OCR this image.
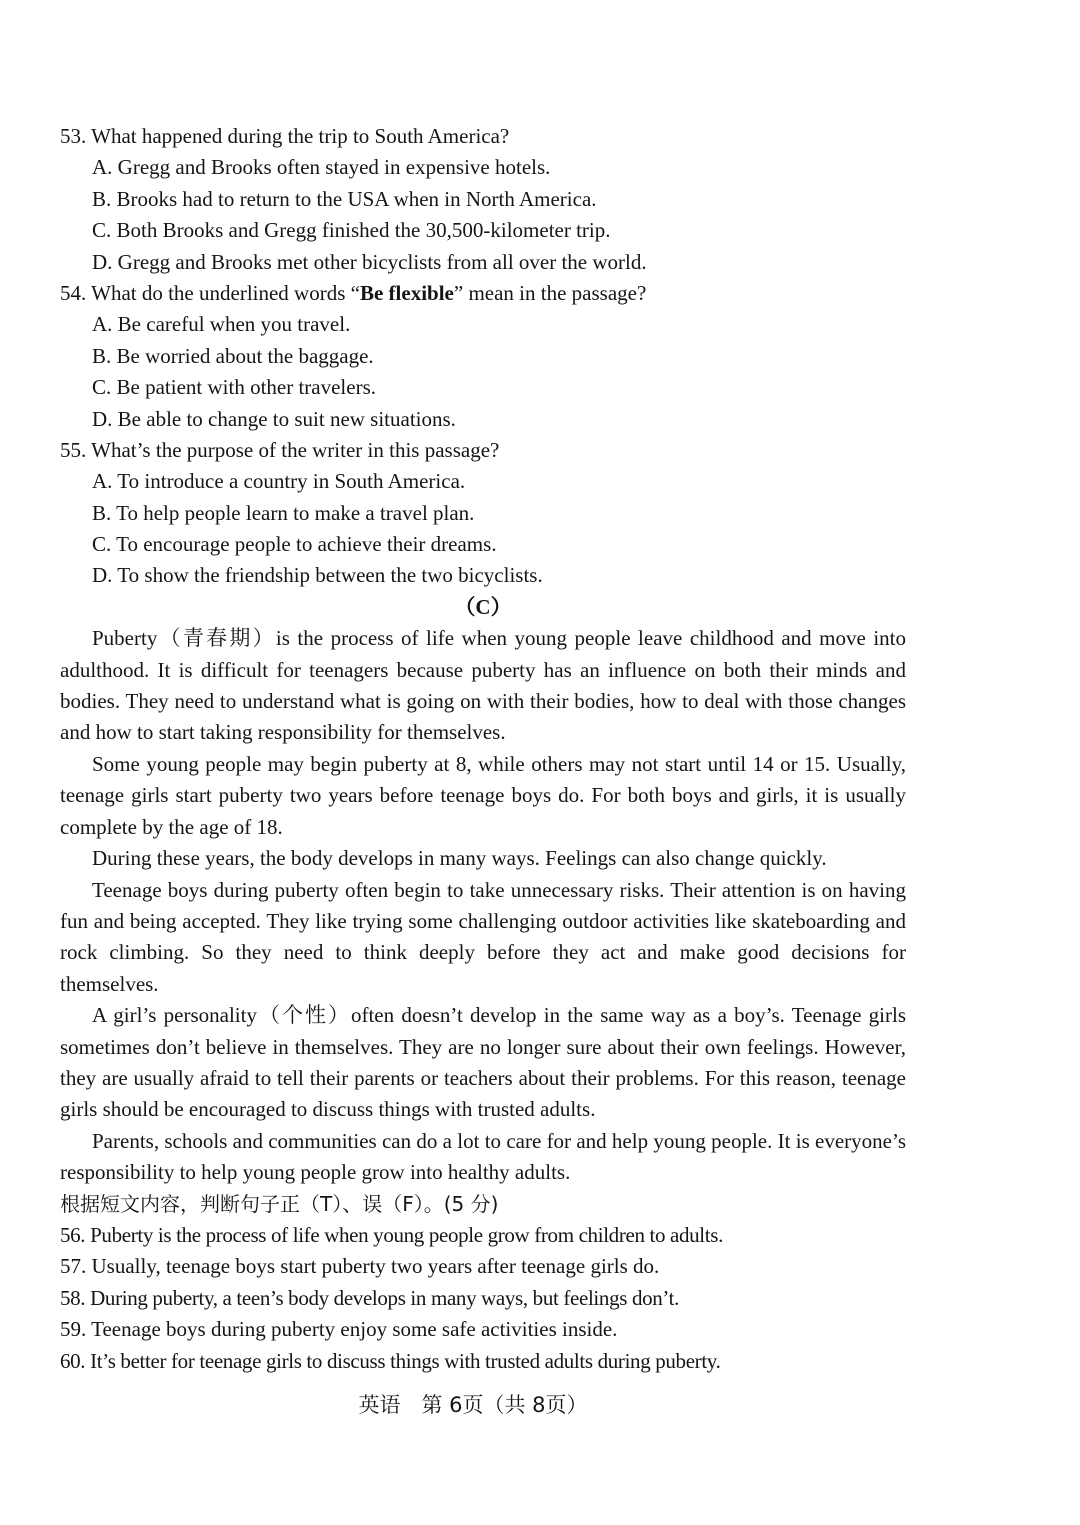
53. What happened during the trip to South America?
A. Gregg and Brooks often stayed in expensive hotels.
B. Brooks had to return to the USA when in North America.
C. Both Brooks and Gregg finished the 30,500-kilometer trip.
D. Gregg and Brooks met other bicyclists from all over the world.
54. What do the underlined words “Be flexible” mean in the passage?
A. Be careful when you travel.
B. Be worried about the baggage.
C. Be patient with other travelers.
D. Be able to change to suit new situations.
55. What’s the purpose of the writer in this passage?
A. To introduce a country in South America.
B. To help people learn to make a travel plan.
C. To encourage people to achieve their dreams.
D. To show the friendship between the two bicyclists.
（C）

Puberty（青春期）is the process of life when young people leave childhood and move into adulthood. It is difficult for teenagers because puberty has an influence on both their minds and bodies. They need to understand what is going on with their bodies, how to deal with those changes and how to start taking responsibility for themselves.

Some young people may begin puberty at 8, while others may not start until 14 or 15. Usually, teenage girls start puberty two years before teenage boys do. For both boys and girls, it is usually complete by the age of 18.

During these years, the body develops in many ways. Feelings can also change quickly.

Teenage boys during puberty often begin to take unnecessary risks. Their attention is on having fun and being accepted. They like trying some challenging outdoor activities like skateboarding and rock climbing. So they need to think deeply before they act and make good decisions for themselves.

A girl’s personality（个性）often doesn’t develop in the same way as a boy’s. Teenage girls sometimes don’t believe in themselves. They are no longer sure about their own feelings. However, they are usually afraid to tell their parents or teachers about their problems. For this reason, teenage girls should be encouraged to discuss things with trusted adults.

Parents, schools and communities can do a lot to care for and help young people. It is everyone’s responsibility to help young people grow into healthy adults.

根据短文内容，判断句子正（T）、误（F）。(5 分)
56. Puberty is the process of life when young people grow from children to adults.
57. Usually, teenage boys start puberty two years after teenage girls do.
58. During puberty, a teen’s body develops in many ways, but feelings don’t.
59. Teenage boys during puberty enjoy some safe activities inside.
60. It’s better for teenage girls to discuss things with trusted adults during puberty.
英语　第 6页（共 8页）
